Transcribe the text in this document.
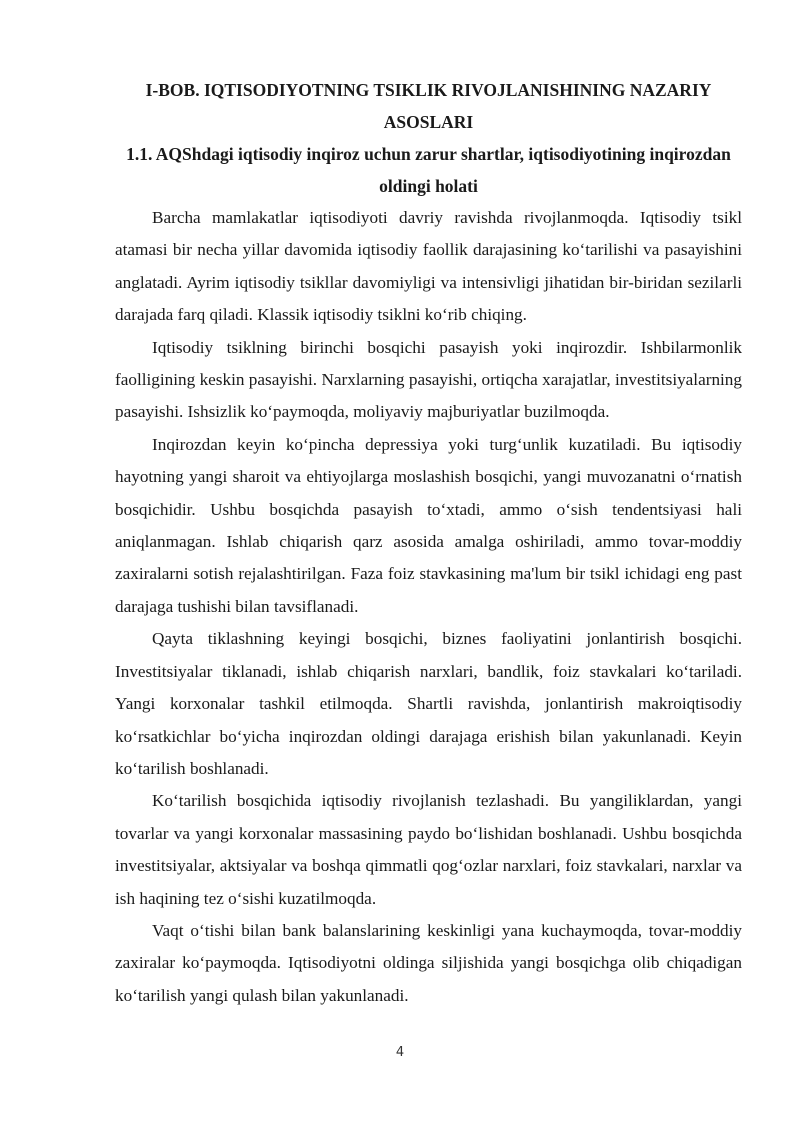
I-BOB. IQTISODIYOTNING TSIKLIK RIVOJLANISHINING NAZARIY ASOSLARI

1.1. AQShdagi iqtisodiy inqiroz uchun zarur shartlar, iqtisodiyotining inqirozdan oldingi holati

Barcha mamlakatlar iqtisodiyoti davriy ravishda rivojlanmoqda. Iqtisodiy tsikl atamasi bir necha yillar davomida iqtisodiy faollik darajasining ko‘tarilishi va pasayishini anglatadi. Ayrim iqtisodiy tsikllar davomiyligi va intensivligi jihatidan bir-biridan sezilarli darajada farq qiladi. Klassik iqtisodiy tsiklni ko‘rib chiqing.

Iqtisodiy tsiklning birinchi bosqichi pasayish yoki inqirozdir. Ishbilarmonlik faolligining keskin pasayishi. Narxlarning pasayishi, ortiqcha xarajatlar, investitsiyalarning pasayishi. Ishsizlik ko‘paymoqda, moliyaviy majburiyatlar buzilmoqda.

Inqirozdan keyin ko‘pincha depressiya yoki turg‘unlik kuzatiladi. Bu iqtisodiy hayotning yangi sharoit va ehtiyojlarga moslashish bosqichi, yangi muvozanatni o‘rnatish bosqichidir. Ushbu bosqichda pasayish to‘xtadi, ammo o‘sish tendentsiyasi hali aniqlanmagan. Ishlab chiqarish qarz asosida amalga oshiriladi, ammo tovar-moddiy zaxiralarni sotish rejalashtirilgan. Faza foiz stavkasining ma'lum bir tsikl ichidagi eng past darajaga tushishi bilan tavsiflanadi.

Qayta tiklashning keyingi bosqichi, biznes faoliyatini jonlantirish bosqichi. Investitsiyalar tiklanadi, ishlab chiqarish narxlari, bandlik, foiz stavkalari ko‘tariladi. Yangi korxonalar tashkil etilmoqda. Shartli ravishda, jonlantirish makroiqtisodiy ko‘rsatkichlar bo‘yicha inqirozdan oldingi darajaga erishish bilan yakunlanadi. Keyin ko‘tarilish boshlanadi.

Ko‘tarilish bosqichida iqtisodiy rivojlanish tezlashadi. Bu yangiliklardan, yangi tovarlar va yangi korxonalar massasining paydo bo‘lishidan boshlanadi. Ushbu bosqichda investitsiyalar, aktsiyalar va boshqa qimmatli qog‘ozlar narxlari, foiz stavkalari, narxlar va ish haqining tez o‘sishi kuzatilmoqda.

Vaqt o‘tishi bilan bank balanslarining keskinligi yana kuchaymoqda, tovar-moddiy zaxiralar ko‘paymoqda. Iqtisodiyotni oldinga siljishida yangi bosqichga olib chiqadigan ko‘tarilish yangi qulash bilan yakunlanadi.

4
